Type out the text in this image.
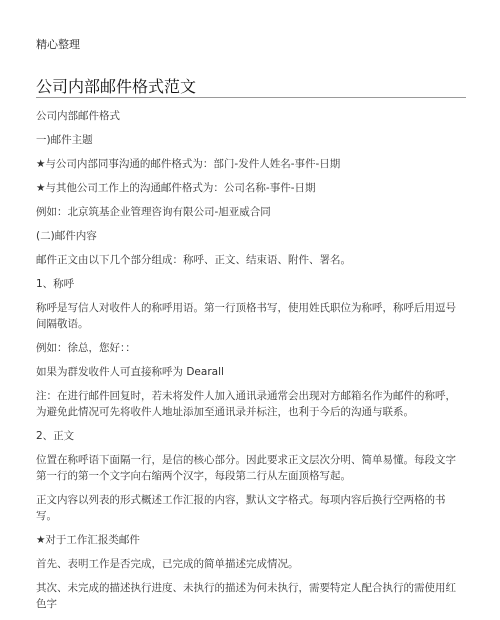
精心整理
公司内部邮件格式范文

公司内部邮件格式

一)邮件主题

★与公司内部同事沟通的邮件格式为：部门-发件人姓名-事件-日期

★与其他公司工作上的沟通邮件格式为：公司名称-事件-日期

例如：北京筑基企业管理咨询有限公司-旭亚威合同

(二)邮件内容

邮件正文由以下几个部分组成：称呼、正文、结束语、附件、署名。

1、称呼

称呼是写信人对收件人的称呼用语。第一行顶格书写，使用姓氏职位为称呼，称呼后用逗号间隔敬语。

例如：徐总，您好：：

如果为群发收件人可直接称呼为 Dearall

注：在进行邮件回复时，若未将发件人加入通讯录通常会出现对方邮箱名作为邮件的称呼，为避免此情况可先将收件人地址添加至通讯录并标注，也利于今后的沟通与联系。

2、正文

位置在称呼语下面隔一行，是信的核心部分。因此要求正文层次分明、简单易懂。每段文字第一行的第一个文字向右缩两个汉字，每段第二行从左面顶格写起。

正文内容以列表的形式概述工作汇报的内容，默认文字格式。每项内容后换行空两格的书写。

★对于工作汇报类邮件

首先、表明工作是否完成，已完成的简单描述完成情况。

其次、未完成的描述执行进度、未执行的描述为何未执行，需要特定人配合执行的需使用红色字
